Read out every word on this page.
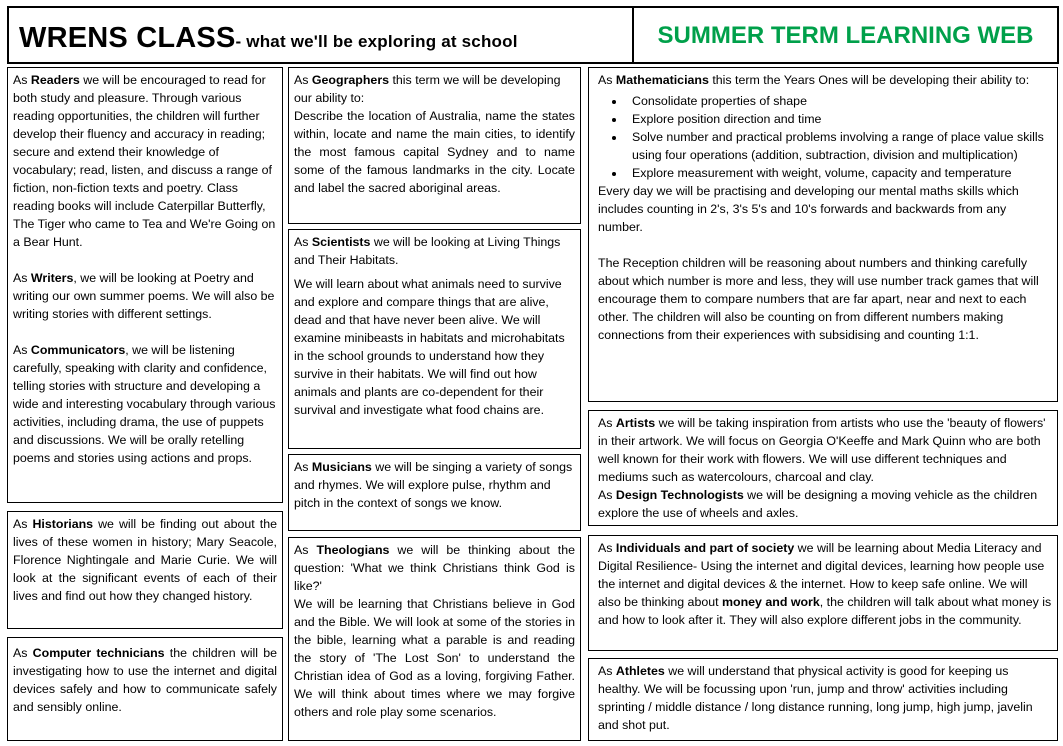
WRENS CLASS- what we'll be exploring at school	SUMMER TERM LEARNING WEB

As Readers we will be encouraged to read for both study and pleasure. Through various reading opportunities, the children will further develop their fluency and accuracy in reading; secure and extend their knowledge of vocabulary; read, listen, and discuss a range of fiction, non-fiction texts and poetry. Class reading books will include Caterpillar Butterfly, The Tiger who came to Tea and We're Going on a Bear Hunt.

As Writers, we will be looking at Poetry and writing our own summer poems. We will also be writing stories with different settings.

As Communicators, we will be listening carefully, speaking with clarity and confidence, telling stories with structure and developing a wide and interesting vocabulary through various activities, including drama, the use of puppets and discussions. We will be orally retelling poems and stories using actions and props.

As Historians we will be finding out about the lives of these women in history; Mary Seacole, Florence Nightingale and Marie Curie. We will look at the significant events of each of their lives and find out how they changed history.

As Computer technicians the children will be investigating how to use the internet and digital devices safely and how to communicate safely and sensibly online.

As Geographers this term we will be developing our ability to:

Describe the location of Australia, name the states within, locate and name the main cities, to identify the most famous capital Sydney and to name some of the famous landmarks in the city. Locate and label the sacred aboriginal areas.

As Scientists we will be looking at Living Things and Their Habitats.

We will learn about what animals need to survive and explore and compare things that are alive, dead and that have never been alive. We will examine minibeasts in habitats and microhabitats in the school grounds to understand how they survive in their habitats. We will find out how animals and plants are co-dependent for their survival and investigate what food chains are.

As Musicians we will be singing a variety of songs and rhymes. We will explore pulse, rhythm and pitch in the context of songs we know.

As Theologians we will be thinking about the question: 'What we think Christians think God is like?'

We will be learning that Christians believe in God and the Bible. We will look at some of the stories in the bible, learning what a parable is and reading the story of 'The Lost Son' to understand the Christian idea of God as a loving, forgiving Father. We will think about times where we may forgive others and role play some scenarios.

As Mathematicians this term the Years Ones will be developing their ability to:

• Consolidate properties of shape
• Explore position direction and time
• Solve number and practical problems involving a range of place value skills using four operations (addition, subtraction, division and multiplication)
• Explore measurement with weight, volume, capacity and temperature

Every day we will be practising and developing our mental maths skills which includes counting in 2's, 3's 5's and 10's forwards and backwards from any number.

The Reception children will be reasoning about numbers and thinking carefully about which number is more and less, they will use number track games that will encourage them to compare numbers that are far apart, near and next to each other. The children will also be counting on from different numbers making connections from their experiences with subsidising and counting 1:1.

As Artists we will be taking inspiration from artists who use the 'beauty of flowers' in their artwork. We will focus on Georgia O'Keeffe and Mark Quinn who are both well known for their work with flowers. We will use different techniques and mediums such as watercolours, charcoal and clay.

As Design Technologists we will be designing a moving vehicle as the children explore the use of wheels and axles.

As Individuals and part of society we will be learning about Media Literacy and Digital Resilience- Using the internet and digital devices, learning how people use the internet and digital devices & the internet. How to keep safe online. We will also be thinking about money and work, the children will talk about what money is and how to look after it. They will also explore different jobs in the community.

As Athletes we will understand that physical activity is good for keeping us healthy. We will be focussing upon 'run, jump and throw' activities including sprinting / middle distance / long distance running, long jump, high jump, javelin and shot put.
